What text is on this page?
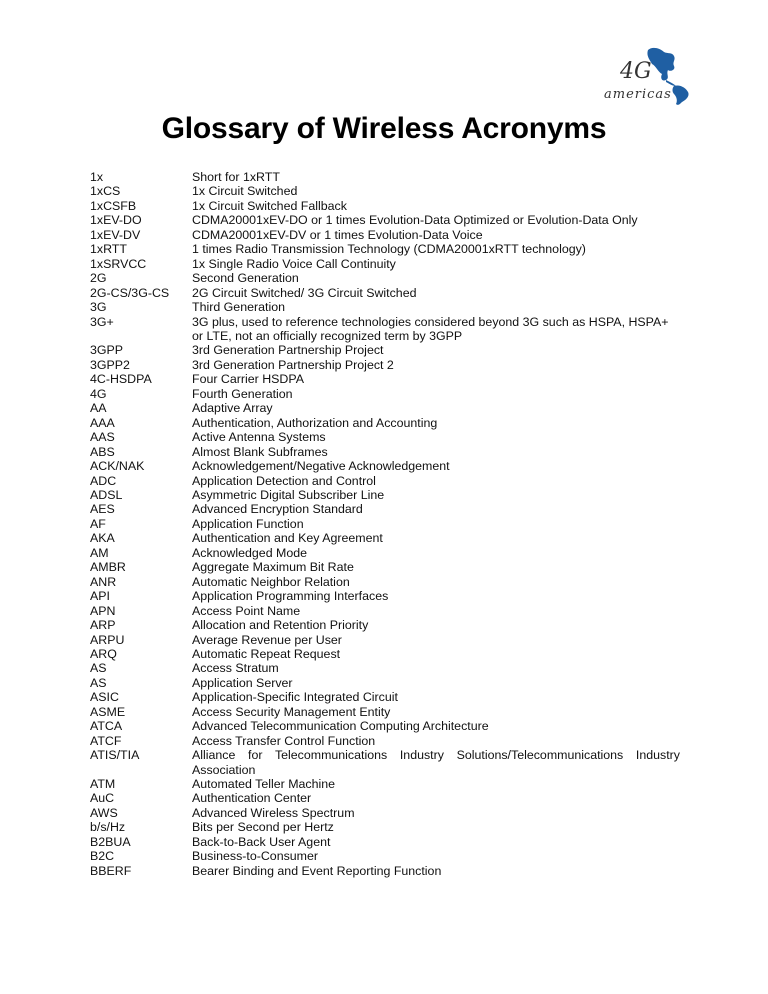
4G
americas
Glossary of Wireless Acronyms
1x	Short for 1xRTT
1xCS	1x Circuit Switched
1xCSFB	1x Circuit Switched Fallback
1xEV-DO	CDMA20001xEV-DO or 1 times Evolution-Data Optimized or Evolution-Data Only
1xEV-DV	CDMA20001xEV-DV or 1 times Evolution-Data Voice
1xRTT	1 times Radio Transmission Technology (CDMA20001xRTT technology)
1xSRVCC	1x Single Radio Voice Call Continuity
2G	Second Generation
2G-CS/3G-CS	2G Circuit Switched/ 3G Circuit Switched
3G	Third Generation
3G+	3G plus, used to reference technologies considered beyond 3G such as HSPA, HSPA+ or LTE, not an officially recognized term by 3GPP
3GPP	3rd Generation Partnership Project
3GPP2	3rd Generation Partnership Project 2
4C-HSDPA	Four Carrier HSDPA
4G	Fourth Generation
AA	Adaptive Array
AAA	Authentication, Authorization and Accounting
AAS	Active Antenna Systems
ABS	Almost Blank Subframes
ACK/NAK	Acknowledgement/Negative Acknowledgement
ADC	Application Detection and Control
ADSL	Asymmetric Digital Subscriber Line
AES	Advanced Encryption Standard
AF	Application Function
AKA	Authentication and Key Agreement
AM	Acknowledged Mode
AMBR	Aggregate Maximum Bit Rate
ANR	Automatic Neighbor Relation
API	Application Programming Interfaces
APN	Access Point Name
ARP	Allocation and Retention Priority
ARPU	Average Revenue per User
ARQ	Automatic Repeat Request
AS	Access Stratum
AS	Application Server
ASIC	Application-Specific Integrated Circuit
ASME	Access Security Management Entity
ATCA	Advanced Telecommunication Computing Architecture
ATCF	Access Transfer Control Function
ATIS/TIA	Alliance for Telecommunications Industry Solutions/Telecommunications Industry Association
ATM	Automated Teller Machine
AuC	Authentication Center
AWS	Advanced Wireless Spectrum
b/s/Hz	Bits per Second per Hertz
B2BUA	Back-to-Back User Agent
B2C	Business-to-Consumer
BBERF	Bearer Binding and Event Reporting Function
